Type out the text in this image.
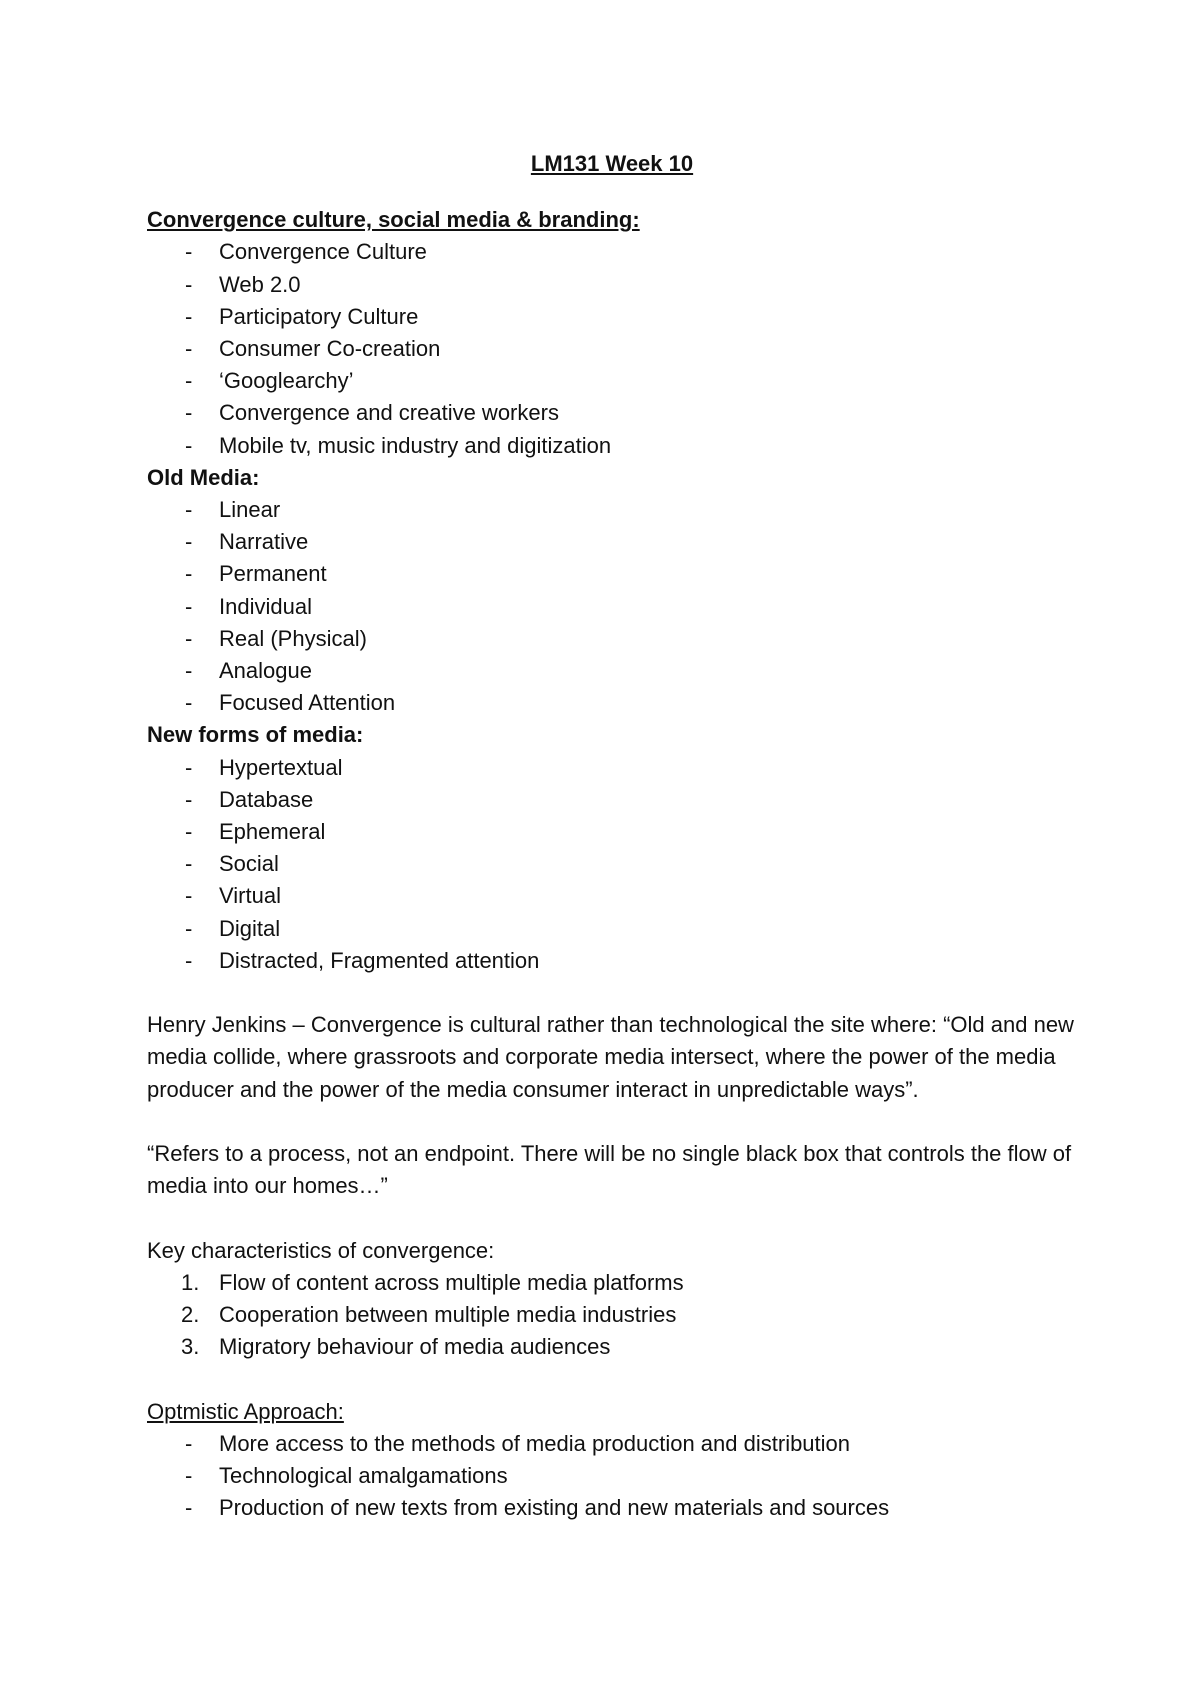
LM131 Week 10
Convergence culture, social media & branding:
- Convergence Culture
- Web 2.0
- Participatory Culture
- Consumer Co-creation
- ‘Googlearchy’
- Convergence and creative workers
- Mobile tv, music industry and digitization
Old Media:
- Linear
- Narrative
- Permanent
- Individual
- Real (Physical)
- Analogue
- Focused Attention
New forms of media:
- Hypertextual
- Database
- Ephemeral
- Social
- Virtual
- Digital
- Distracted, Fragmented attention

Henry Jenkins – Convergence is cultural rather than technological the site where: “Old and new media collide, where grassroots and corporate media intersect, where the power of the media producer and the power of the media consumer interact in unpredictable ways”.

“Refers to a process, not an endpoint. There will be no single black box that controls the flow of media into our homes…”

Key characteristics of convergence:

1. Flow of content across multiple media platforms
2. Cooperation between multiple media industries
3. Migratory behaviour of media audiences
Optmistic Approach:
- More access to the methods of media production and distribution
- Technological amalgamations
- Production of new texts from existing and new materials and sources
